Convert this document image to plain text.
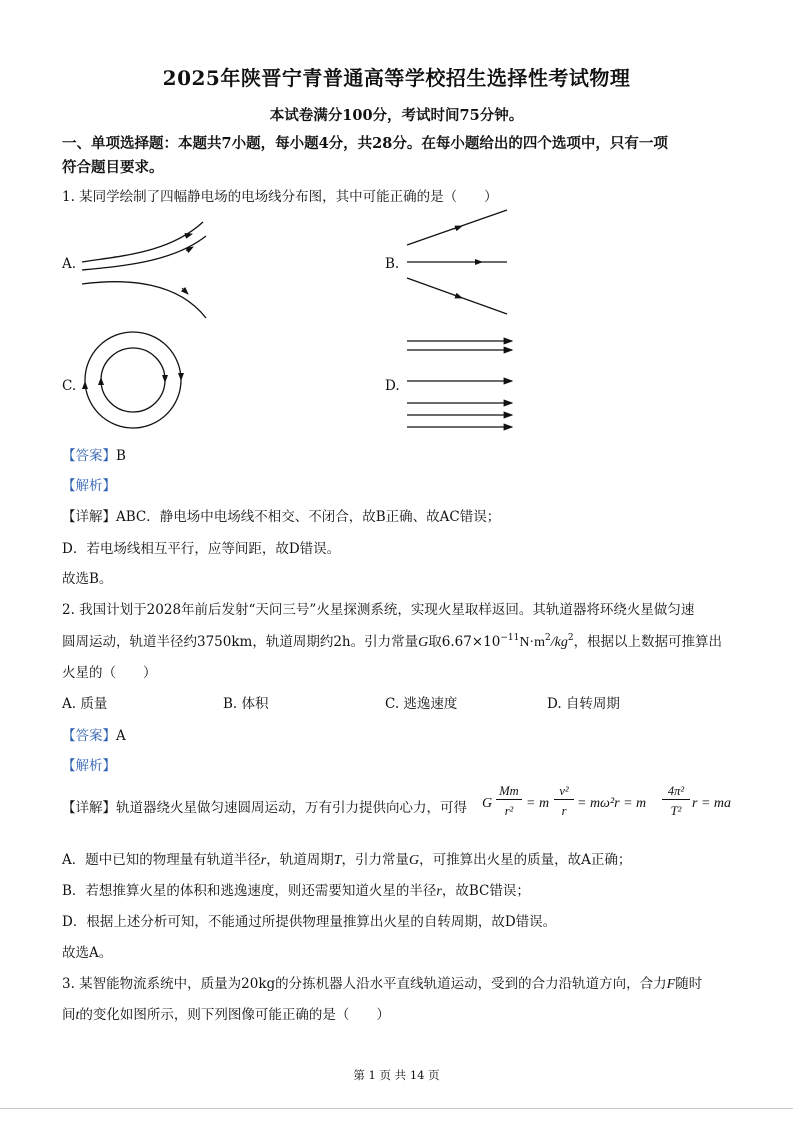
2025年陕晋宁青普通高等学校招生选择性考试物理
本试卷满分100分，考试时间75分钟。
一、单项选择题：本题共7小题，每小题4分，共28分。在每小题给出的四个选项中，只有一项
符合题目要求。
1. 某同学绘制了四幅静电场的电场线分布图，其中可能正确的是（　　）
A.	B.
C.	D.
【答案】B
【解析】
【详解】ABC．静电场中电场线不相交、不闭合，故B正确、故AC错误；
D．若电场线相互平行，应等间距，故D错误。
故选B。
2. 我国计划于2028年前后发射“天问三号”火星探测系统，实现火星取样返回。其轨道器将环绕火星做匀速
圆周运动，轨道半径约3750km，轨道周期约2h。引力常量G取$6.67\times 10^{-11}N\cdot m^2/kg^2$，根据以上数据可推算出
火星的（　　）
A. 质量	B. 体积	C. 逃逸速度	D. 自转周期
【答案】A
【解析】
【详解】轨道器绕火星做匀速圆周运动，万有引力提供向心力，可得 G
Mm
r² = m
v²
r = mω²r = m
4π²
T² r = ma
A．题中已知的物理量有轨道半径r，轨道周期T，引力常量G，可推算出火星的质量，故A正确；
B．若想推算火星的体积和逃逸速度，则还需要知道火星的半径r，故BC错误；
D．根据上述分析可知，不能通过所提供物理量推算出火星的自转周期，故D错误。
故选A。
3. 某智能物流系统中，质量为20kg的分拣机器人沿水平直线轨道运动，受到的合力沿轨道方向，合力F随时
间t的变化如图所示，则下列图像可能正确的是（　　）
第 1 页 共 14 页
